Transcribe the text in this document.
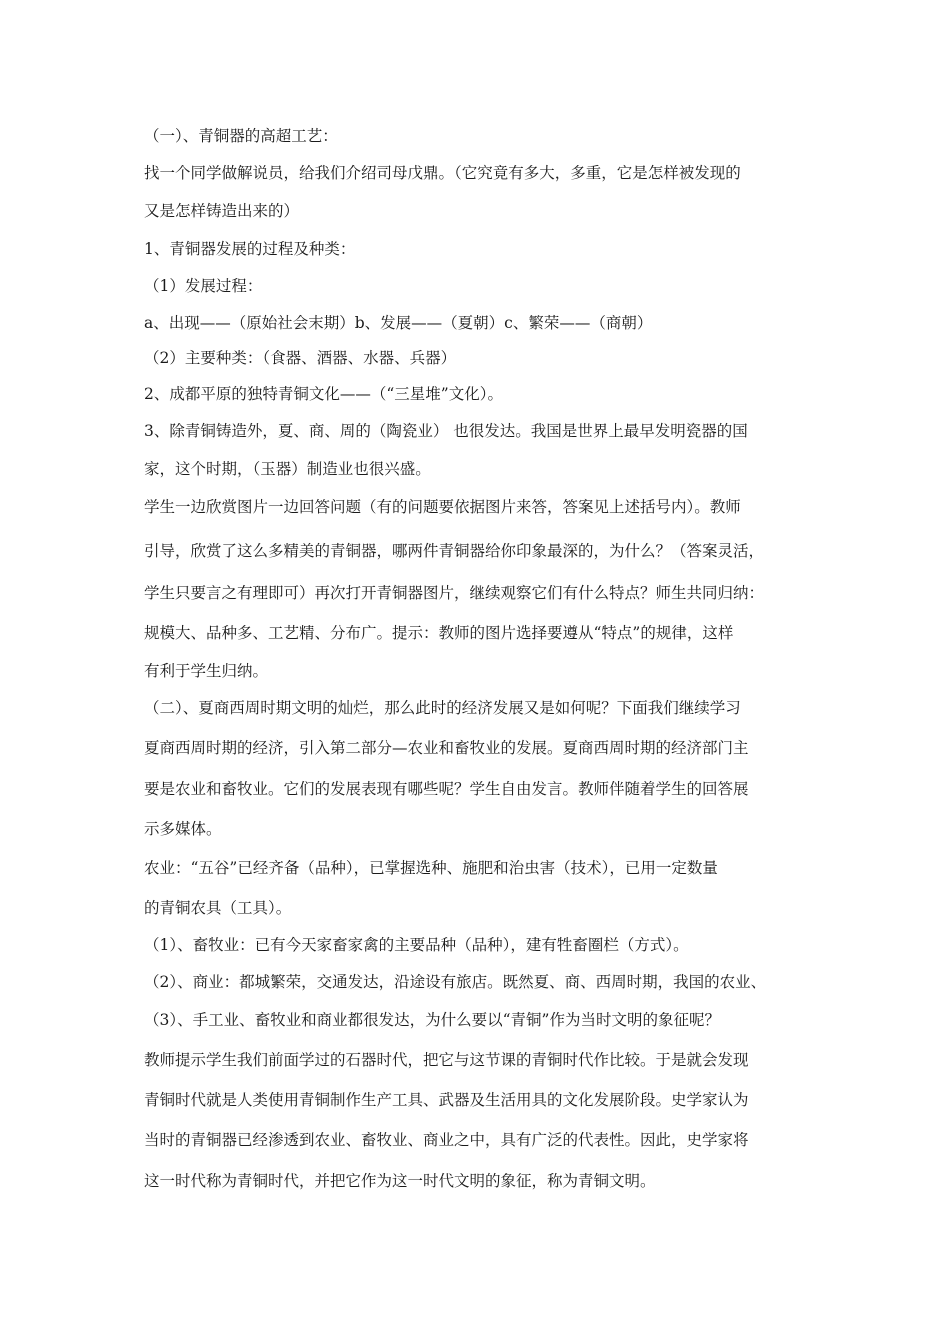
（一）、青铜器的高超工艺：
找一个同学做解说员，给我们介绍司母戊鼎。（它究竟有多大，多重，它是怎样被发现的
又是怎样铸造出来的）
1、青铜器发展的过程及种类：
（1）发展过程：
a、出现——（原始社会末期）b、发展——（夏朝）c、繁荣——（商朝）
（2）主要种类：（食器、酒器、水器、兵器）
2、成都平原的独特青铜文化——（“三星堆”文化）。
3、除青铜铸造外，夏、商、周的（陶瓷业） 也很发达。我国是世界上最早发明瓷器的国
家，这个时期，（玉器）制造业也很兴盛。
学生一边欣赏图片一边回答问题（有的问题要依据图片来答，答案见上述括号内）。教师
引导，欣赏了这么多精美的青铜器，哪两件青铜器给你印象最深的，为什么？（答案灵活，
学生只要言之有理即可）再次打开青铜器图片，继续观察它们有什么特点？师生共同归纳：
规模大、品种多、工艺精、分布广。提示：教师的图片选择要遵从“特点”的规律，这样
有利于学生归纳。
（二）、夏商西周时期文明的灿烂，那么此时的经济发展又是如何呢？下面我们继续学习
夏商西周时期的经济，引入第二部分—农业和畜牧业的发展。夏商西周时期的经济部门主
要是农业和畜牧业。它们的发展表现有哪些呢？学生自由发言。教师伴随着学生的回答展
示多媒体。
农业：“五谷”已经齐备（品种），已掌握选种、施肥和治虫害（技术），已用一定数量
的青铜农具（工具）。
（1）、畜牧业：已有今天家畜家禽的主要品种（品种），建有牲畜圈栏（方式）。
（2）、商业：都城繁荣，交通发达，沿途设有旅店。既然夏、商、西周时期，我国的农业、
（3）、手工业、畜牧业和商业都很发达，为什么要以“青铜”作为当时文明的象征呢？
教师提示学生我们前面学过的石器时代，把它与这节课的青铜时代作比较。于是就会发现
青铜时代就是人类使用青铜制作生产工具、武器及生活用具的文化发展阶段。史学家认为
当时的青铜器已经渗透到农业、畜牧业、商业之中，具有广泛的代表性。因此，史学家将
这一时代称为青铜时代，并把它作为这一时代文明的象征，称为青铜文明。
